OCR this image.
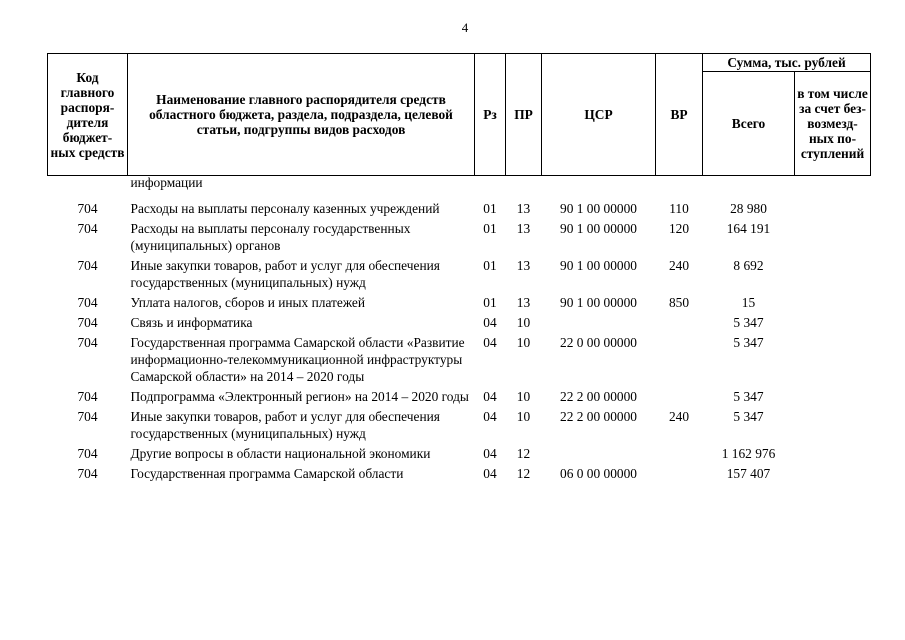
4
Код главного распоря- дителя бюджет- ных средств	Наименование главного распорядителя средств областного бюджета, раздела, подраздела, целевой статьи, подгруппы видов расходов	Рз	ПР	ЦСР	ВР	Сумма, тыс. рублей	
						Всего	в том числе за счет без- возмезд- ных по- ступлений
	информации						
704	Расходы на выплаты персоналу казенных учреждений	01	13	90 1 00 00000	110	28 980	
704	Расходы на выплаты персоналу государственных (муниципальных) органов	01	13	90 1 00 00000	120	164 191	
704	Иные закупки товаров, работ и услуг для обеспечения государственных (муниципальных) нужд	01	13	90 1 00 00000	240	8 692	
704	Уплата налогов, сборов и иных платежей	01	13	90 1 00 00000	850	15	
704	Связь и информатика	04	10			5 347	
704	Государственная программа Самарской области «Развитие информационно-телекоммуникационной инфраструктуры Самарской области» на 2014 – 2020 годы	04	10	22 0 00 00000		5 347	
704	Подпрограмма «Электронный регион» на 2014 – 2020 годы	04	10	22 2 00 00000		5 347	
704	Иные закупки товаров, работ и услуг для обеспечения государственных (муниципальных) нужд	04	10	22 2 00 00000	240	5 347	
704	Другие вопросы в области национальной экономики	04	12			1 162 976	
704	Государственная программа Самарской области	04	12	06 0 00 00000		157 407	
